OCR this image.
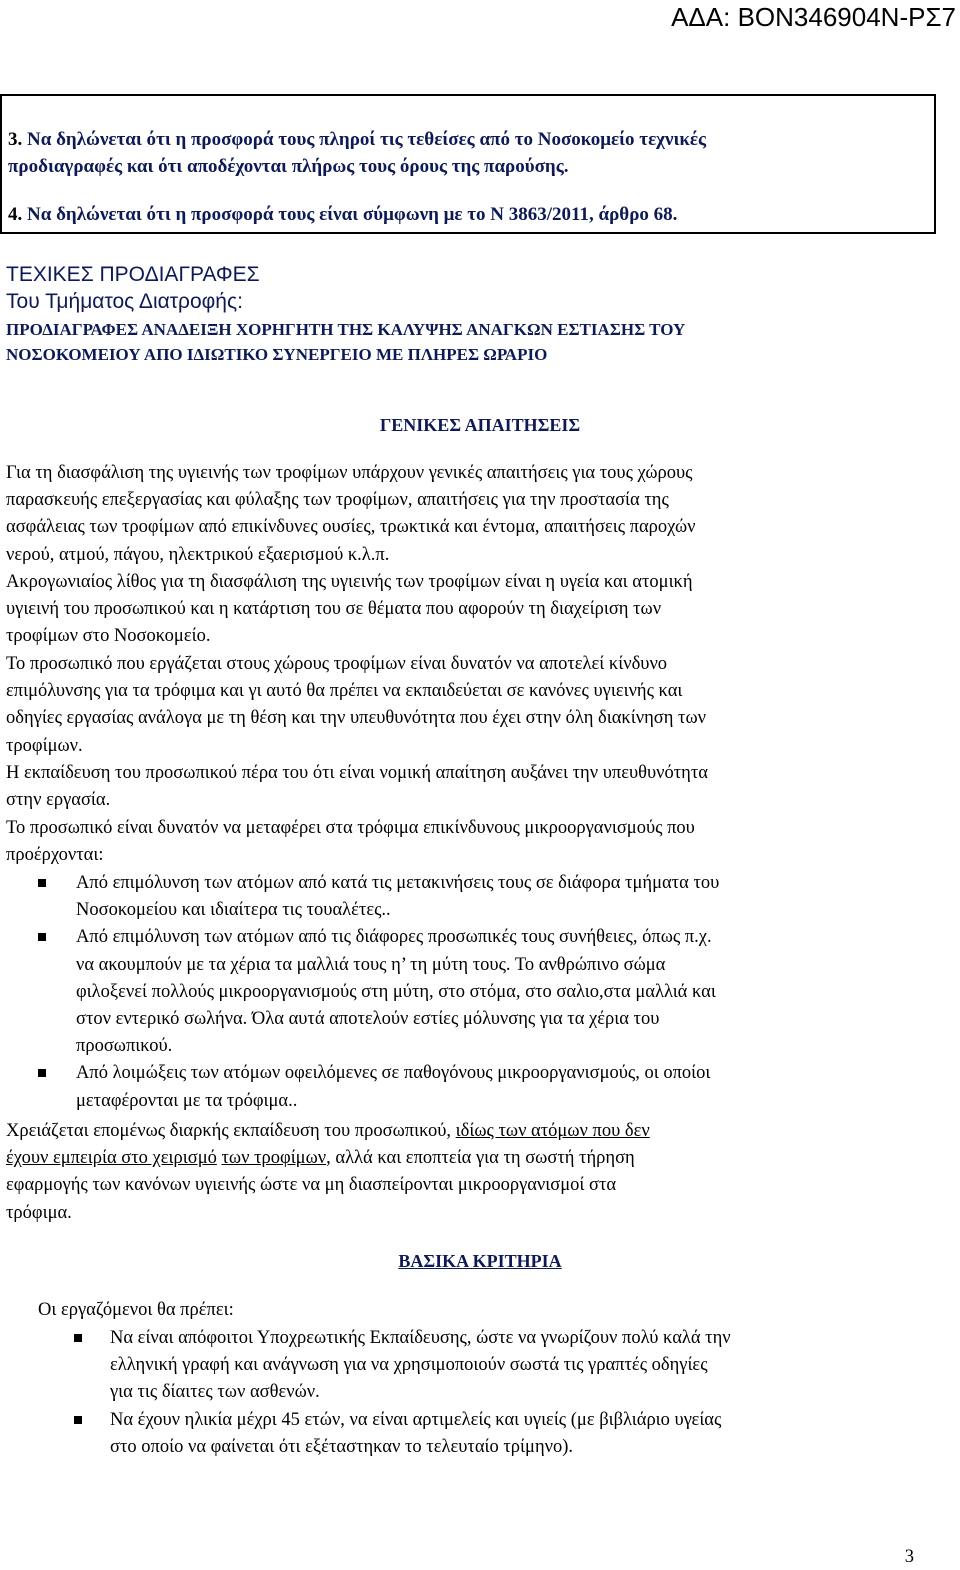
ΑΔΑ: ΒΟΝ346904Ν-ΡΣ7

3. Να δηλώνεται ότι η προσφορά τους πληροί τις τεθείσες από το Νοσοκομείο τεχνικές

προδιαγραφές και ότι αποδέχονται πλήρως τους όρους της παρούσης.

4. Να δηλώνεται ότι η προσφορά τους είναι σύμφωνη με το Ν 3863/2011, άρθρο 68.

ΤΕΧΙΚΕΣ ΠΡΟΔΙΑΓΡΑΦΕΣ

Του Τμήματος Διατροφής:

ΠΡΟΔΙΑΓΡΑΦΕΣ ΑΝΑΔΕΙΞΗ ΧΟΡΗΓΗΤΗ ΤΗΣ ΚΑΛΥΨΗΣ ΑΝΑΓΚΩΝ ΕΣΤΙΑΣΗΣ ΤΟΥ

ΝΟΣΟΚΟΜΕΙΟΥ ΑΠΟ ΙΔΙΩΤΙΚΟ ΣΥΝΕΡΓΕΙΟ ΜΕ ΠΛΗΡΕΣ ΩΡΑΡΙΟ

ΓΕΝΙΚΕΣ ΑΠΑΙΤΗΣΕΙΣ

Για τη διασφάλιση της υγιεινής των τροφίμων υπάρχουν γενικές απαιτήσεις για τους χώρους
παρασκευής επεξεργασίας και φύλαξης των τροφίμων, απαιτήσεις για την προστασία της
ασφάλειας των τροφίμων από επικίνδυνες ουσίες, τρωκτικά και έντομα, απαιτήσεις παροχών
νερού, ατμού, πάγου, ηλεκτρικού εξαερισμού κ.λ.π.
Ακρογωνιαίος λίθος για τη διασφάλιση της υγιεινής των τροφίμων είναι η υγεία και ατομική
υγιεινή του προσωπικού και η κατάρτιση του σε θέματα που αφορούν τη διαχείριση των
τροφίμων στο Νοσοκομείο.
Το προσωπικό που εργάζεται στους χώρους τροφίμων είναι δυνατόν να αποτελεί κίνδυνο
επιμόλυνσης για τα τρόφιμα και γι αυτό θα πρέπει να εκπαιδεύεται σε κανόνες υγιεινής και
οδηγίες εργασίας ανάλογα με τη θέση και την υπευθυνότητα που έχει στην όλη διακίνηση των
τροφίμων.
Η εκπαίδευση του προσωπικού πέρα του ότι είναι νομική απαίτηση αυξάνει την υπευθυνότητα
στην εργασία.
Το προσωπικό είναι δυνατόν να μεταφέρει στα τρόφιμα επικίνδυνους μικροοργανισμούς που
προέρχονται:
Από επιμόλυνση των ατόμων από κατά τις μετακινήσεις τους σε διάφορα τμήματα του
Νοσοκομείου και ιδιαίτερα τις τουαλέτες..
Από επιμόλυνση των ατόμων από τις διάφορες προσωπικές τους συνήθειες, όπως π.χ.
να ακουμπούν με τα χέρια τα μαλλιά τους η’ τη μύτη τους. Το ανθρώπινο σώμα
φιλοξενεί πολλούς μικροοργανισμούς στη μύτη, στο στόμα, στο σαλιο,στα μαλλιά και
στον εντερικό σωλήνα. Όλα αυτά αποτελούν εστίες μόλυνσης για τα χέρια του
προσωπικού.
Από λοιμώξεις των ατόμων οφειλόμενες σε παθογόνους μικροοργανισμούς, οι οποίοι
μεταφέρονται με τα τρόφιμα..
Χρειάζεται επομένως διαρκής εκπαίδευση του προσωπικού, ιδίως των ατόμων που δεν
έχουν εμπειρία στο χειρισμό των τροφίμων, αλλά και εποπτεία για τη σωστή τήρηση
εφαρμογής των κανόνων υγιεινής ώστε να μη διασπείρονται μικροοργανισμοί στα
τρόφιμα.

ΒΑΣΙΚΑ ΚΡΙΤΗΡΙΑ

Οι εργαζόμενοι θα πρέπει:
Να είναι απόφοιτοι Υποχρεωτικής Εκπαίδευσης, ώστε να γνωρίζουν πολύ καλά την
ελληνική γραφή και ανάγνωση για να χρησιμοποιούν σωστά τις γραπτές οδηγίες
για τις δίαιτες των ασθενών.
Να έχουν ηλικία μέχρι 45 ετών, να είναι αρτιμελείς και υγιείς (με βιβλιάριο υγείας
στο οποίο να φαίνεται ότι εξέταστηκαν το τελευταίο τρίμηνο).
3
